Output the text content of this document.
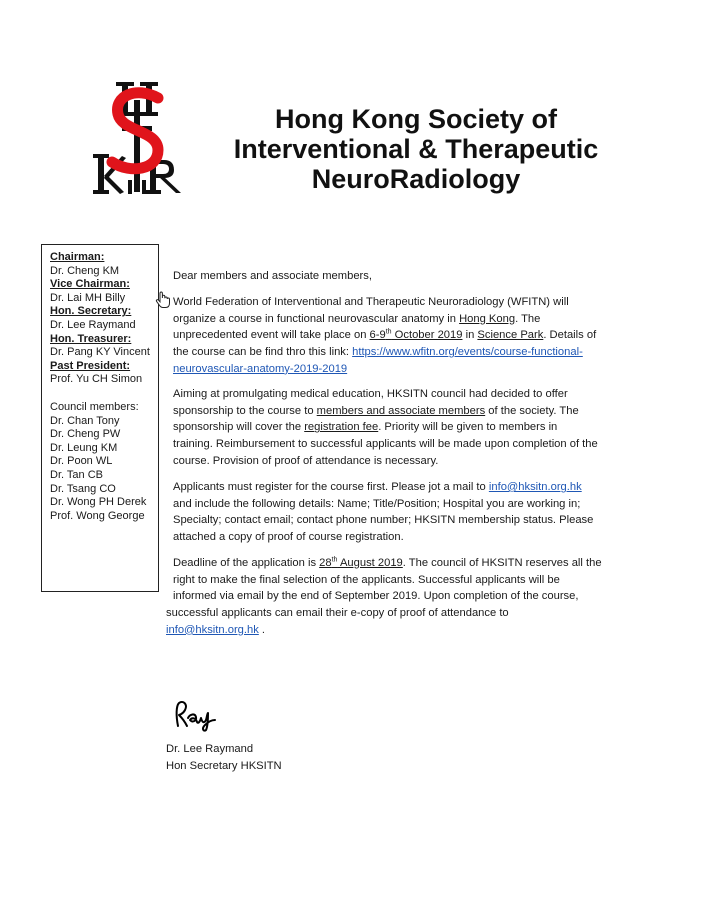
Hong Kong Society of
Interventional & Therapeutic
NeuroRadiology
Chairman:
Dr. Cheng KM
Vice Chairman:
Dr. Lai MH Billy
Hon. Secretary:
Dr. Lee Raymand
Hon. Treasurer:
Dr. Pang KY Vincent
Past President:
Prof. Yu CH Simon
Council members:
Dr. Chan Tony
Dr. Cheng PW
Dr. Leung KM
Dr. Poon WL
Dr. Tan CB
Dr. Tsang CO
Dr. Wong PH Derek
Prof. Wong George
Dear members and associate members,
World Federation of Interventional and Therapeutic Neuroradiology (WFITN) will
organize a course in functional neurovascular anatomy in Hong Kong. The
unprecedented event will take place on 6-9th October 2019 in Science Park. Details of
the course can be find thro this link: https://www.wfitn.org/events/course-functional-
neurovascular-anatomy-2019-2019
Aiming at promulgating medical education, HKSITN council had decided to offer
sponsorship to the course to members and associate members of the society. The
sponsorship will cover the registration fee. Priority will be given to members in
training. Reimbursement to successful applicants will be made upon completion of the
course. Provision of proof of attendance is necessary.
Applicants must register for the course first. Please jot a mail to info@hksitn.org.hk
and include the following details: Name; Title/Position; Hospital you are working in;
Specialty; contact email; contact phone number; HKSITN membership status. Please
attached a copy of proof of course registration.
Deadline of the application is 28th August 2019. The council of HKSITN reserves all the
right to make the final selection of the applicants. Successful applicants will be
informed via email by the end of September 2019. Upon completion of the course,
successful applicants can email their e-copy of proof of attendance to
info@hksitn.org.hk .
Dr. Lee Raymand
Hon Secretary HKSITN
